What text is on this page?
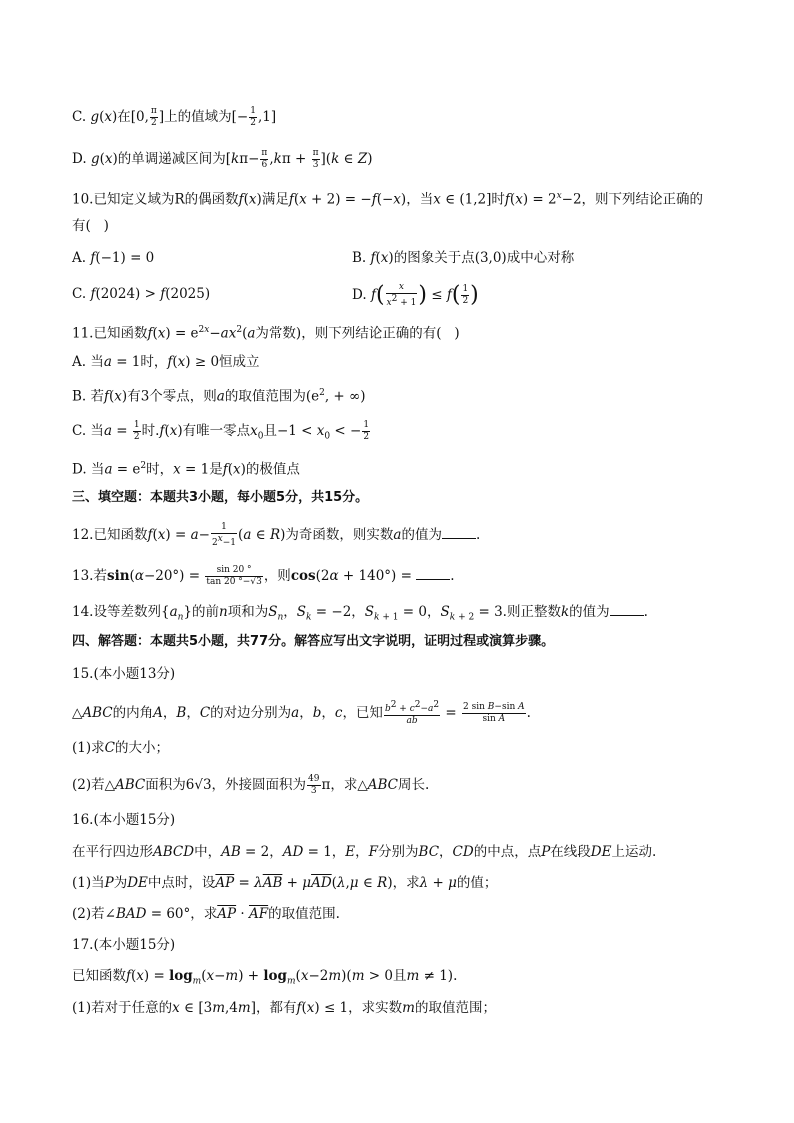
C. g(x)在[0, $\frac{\pi}{2}$ ]上的值域为[− $\frac{1}{2} ,1$]
D. g(x)的单调递减区间为$[k\pi- \frac{\pi}{6} ,k\pi + \frac{\pi}{3} ](k$ ∈ Z)
10.已知定义域为R的偶函数f(x)满足f(x + 2) = −f(−x)，当x ∈ (1,2]时$f(x) = 2^x-2$，则下列结论正确的
有(   )
A. f(−1) = 0	B. f(x)的图象关于点(3,0)成中心对称
C. f(2024) > f(2025)	D. $f( \frac{x}{x^2 + 1}$ ) ≤ $f( \frac{1}{2}$ )
11.已知函数$f(x) = e^{2x}-ax^2(a$为常数)，则下列结论正确的有(   )
A. 当a = 1时，f(x) ≥ 0恒成立
B. 若f(x)有3个零点，则a的取值范围为($e^2$, + ∞)
C. 当$a = \frac{1}{2}$ 时.f(x)有唯一零点$x_0$且$-1 < x_0$ < − $\frac{1}{2}$
D. 当$a = e^2$时，x = 1是f(x)的极值点
三、填空题：本题共3小题，每小题5分，共15分。
12.已知函数$f(x) = a- \frac{1}{2^x-1} (a$ ∈ R)为奇函数，则实数a的值为	.
13.若$\sin(\alpha-20^\circ) = \frac{\sin 20 ^\circ}{\tan 20 ^\circ-√3}$ ，则cos(2α + 140°) =	.
14.设等差数列$\{a_n\}$的前n项和为$S_n$，$S_k = -2$，$S_{k + 1} = 0$，$S_{k + 2} = 3$.则正整数k的值为	.
四、解答题：本题共5小题，共77分。解答应写出文字说明，证明过程或演算步骤。
15.(本小题13分)
△ABC的内角A，B，C的对边分别为a，b，c，已知 $\frac{b^2 + c^2-a^2}{ab} = \frac{\text{2 sin B−sin A}}{\text{sin A}}$ .
(1)求C的大小；
(2)若△ABC面积为6√3，外接圆面积为 $\frac{49}{3}$ π，求△ABC周长.
16.(本小题15分)
在平行四边形ABCD中，AB = 2，AD = 1，E，F分别为BC，CD的中点，点P在线段DE上运动.
(1)当P为DE中点时，设$\overline{AP} = \lambda\overline{AB} + \mu\overline{AD}(\lambda,\mu$ ∈ R)，求λ + μ的值；
(2)若∠BAD = 60°，求$\overline{AP} \cdot \overline{AF}$的取值范围.
17.(本小题15分)
已知函数$f(x) = \log_m(x-m) + \log_m(x-2m)(m > 0$且m ≠ 1).
(1)若对于任意的x ∈ [3m,4m]，都有f(x) ≤ 1，求实数m的取值范围；
